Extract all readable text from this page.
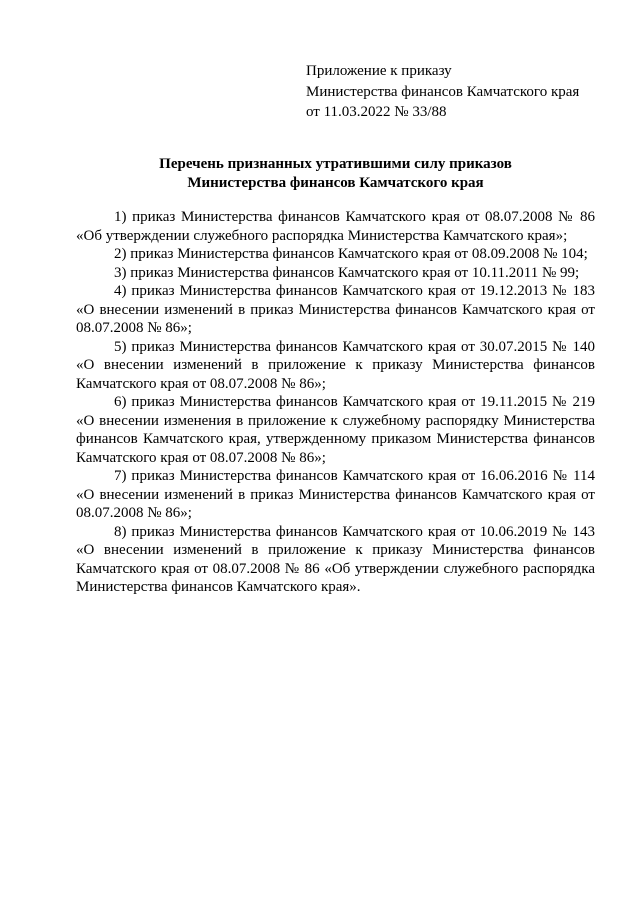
Приложение к приказу
Министерства финансов Камчатского края
от 11.03.2022 № 33/88
Перечень признанных утратившими силу приказов
Министерства финансов Камчатского края

1) приказ Министерства финансов Камчатского края от 08.07.2008 № 86 «Об утверждении служебного распорядка Министерства Камчатского края»;

2) приказ Министерства финансов Камчатского края от 08.09.2008 № 104;

3) приказ Министерства финансов Камчатского края от 10.11.2011 № 99;

4) приказ Министерства финансов Камчатского края от 19.12.2013 № 183 «О внесении изменений в приказ Министерства финансов Камчатского края от 08.07.2008 № 86»;

5) приказ Министерства финансов Камчатского края от 30.07.2015 № 140 «О внесении изменений в приложение к приказу Министерства финансов Камчатского края от 08.07.2008 № 86»;

6) приказ Министерства финансов Камчатского края от 19.11.2015 № 219 «О внесении изменения в приложение к служебному распорядку Министерства финансов Камчатского края, утвержденному приказом Министерства финансов Камчатского края от 08.07.2008 № 86»;

7) приказ Министерства финансов Камчатского края от 16.06.2016 № 114 «О внесении изменений в приказ Министерства финансов Камчатского края от 08.07.2008 № 86»;

8) приказ Министерства финансов Камчатского края от 10.06.2019 № 143 «О внесении изменений в приложение к приказу Министерства финансов Камчатского края от 08.07.2008 № 86 «Об утверждении служебного распорядка Министерства финансов Камчатского края».
